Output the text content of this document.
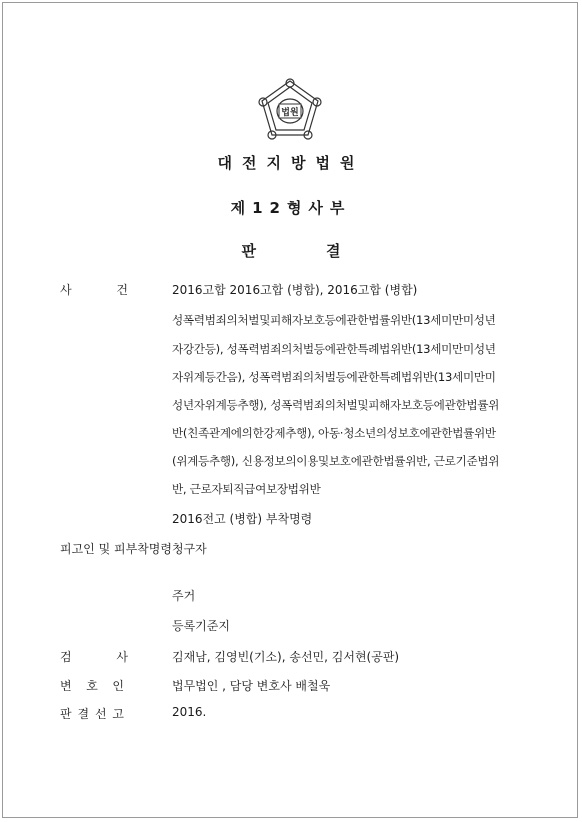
법원
대전지방법원
제12형사부
판	결
사	건	2016고합 2016고합 (병합), 2016고합 (병합)
성폭력범죄의처벌및피해자보호등에관한법률위반(13세미만미성년
자강간등), 성폭력범죄의처벌등에관한특례법위반(13세미만미성년
자위계등간음), 성폭력범죄의처벌등에관한특례법위반(13세미만미
성년자위계등추행), 성폭력범죄의처벌및피해자보호등에관한법률위
반(친족관계에의한강제추행), 아동·청소년의성보호에관한법률위반
(위계등추행), 신용정보의이용및보호에관한법률위반, 근로기준법위
반, 근로자퇴직급여보장법위반
2016전고 (병합) 부착명령
피고인 및 피부착명령청구자
주거
등록기준지
검	사	김재남, 김영빈(기소), 송선민, 김서현(공판)
변 호 인	법무법인 , 담당 변호사 배철욱
판 결 선 고	2016.
